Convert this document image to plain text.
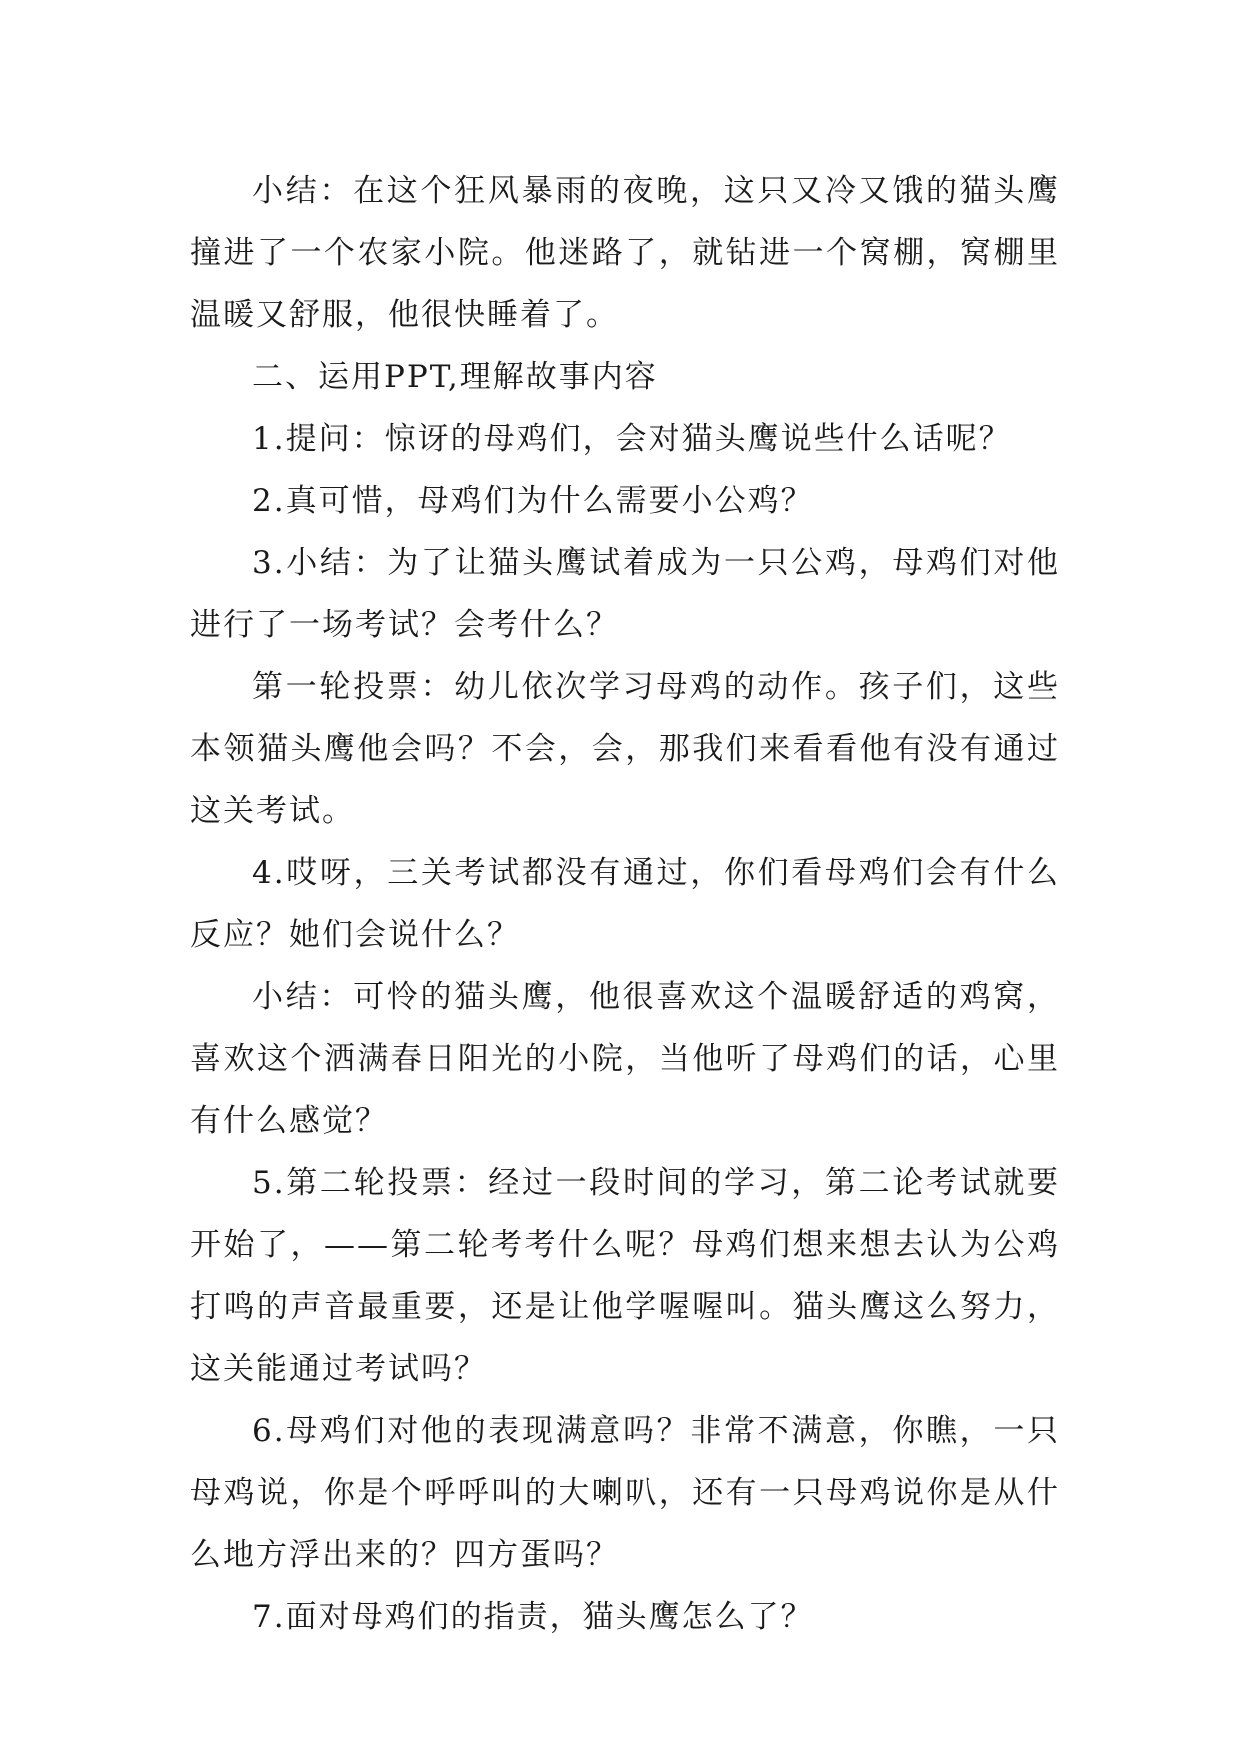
小结：在这个狂风暴雨的夜晚，这只又冷又饿的猫头鹰撞进了一个农家小院。他迷路了，就钻进一个窝棚，窝棚里温暖又舒服，他很快睡着了。

二、运用PPT,理解故事内容

1.提问：惊讶的母鸡们，会对猫头鹰说些什么话呢？

2.真可惜，母鸡们为什么需要小公鸡？

3.小结：为了让猫头鹰试着成为一只公鸡，母鸡们对他进行了一场考试？会考什么？

第一轮投票：幼儿依次学习母鸡的动作。孩子们，这些本领猫头鹰他会吗？不会，会，那我们来看看他有没有通过这关考试。

4.哎呀，三关考试都没有通过，你们看母鸡们会有什么反应？她们会说什么？

小结：可怜的猫头鹰，他很喜欢这个温暖舒适的鸡窝，喜欢这个洒满春日阳光的小院，当他听了母鸡们的话，心里有什么感觉？

5.第二轮投票：经过一段时间的学习，第二论考试就要开始了，——第二轮考考什么呢？母鸡们想来想去认为公鸡打鸣的声音最重要，还是让他学喔喔叫。猫头鹰这么努力，这关能通过考试吗？

6.母鸡们对他的表现满意吗？非常不满意，你瞧，一只母鸡说，你是个呼呼叫的大喇叭，还有一只母鸡说你是从什么地方浮出来的？四方蛋吗？

7.面对母鸡们的指责，猫头鹰怎么了？
